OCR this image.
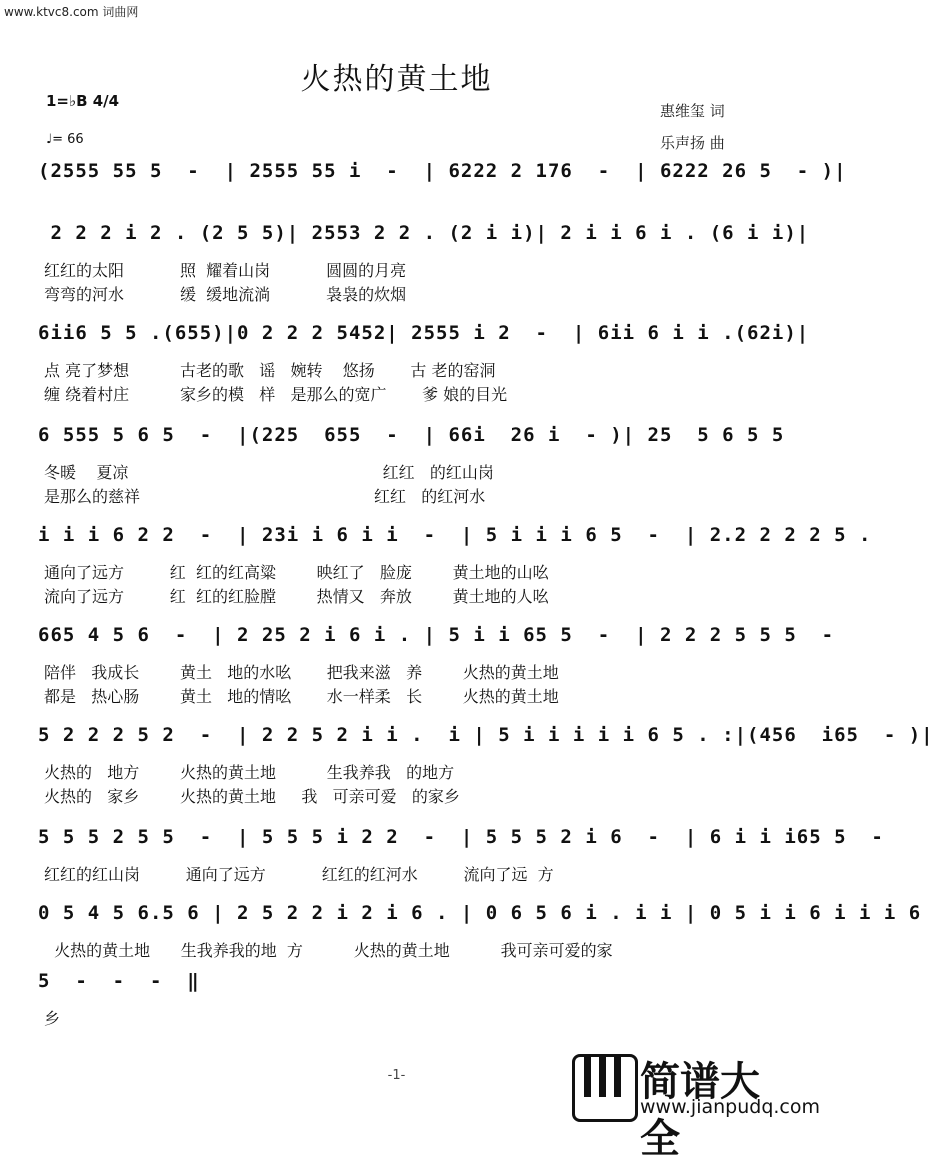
www.ktvc8.com 词曲网
火热的黄土地
1=♭B 4/4
♩= 66
惠维玺 词
乐声扬 曲
(2555 55 5  -  | 2555 55 i  -  | 6222 2 176  -  | 6222 26 5  - )|
2 2 2 i 2 . (2 5 5)| 2553 2 2 . (2 i i)| 2 i i 6 i . (6 i i)|
红红的太阳           照  耀着山岗           圆圆的月亮
弯弯的河水           缓  缓地流淌           袅袅的炊烟
6ii6 5 5 .(655)|0 2 2 2 5452| 2555 i 2  -  | 6ii 6 i i .(62i)|
点 亮了梦想          古老的歌   谣   婉转    悠扬       古 老的窑洞
缠 绕着村庄          家乡的模   样   是那么的宽广       爹 娘的目光
6 555 5 6 5  -  |(225  655  -  | 66i  26 i  - )| 25  5 6 5 5
冬暖    夏凉                                                  红红   的红山岗
是那么的慈祥                                              红红   的红河水
i i i 6 2 2  -  | 23i i 6 i i  -  | 5 i i i 6 5  -  | 2.2 2 2 2 5 .
通向了远方         红  红的红高粱        映红了   脸庞        黄土地的山吆
流向了远方         红  红的红脸膛        热情又   奔放        黄土地的人吆
665 4 5 6  -  | 2 25 2 i 6 i . | 5 i i 65 5  -  | 2 2 2 5 5 5  -
陪伴   我成长        黄土   地的水吆       把我来滋   养        火热的黄土地
都是   热心肠        黄土   地的情吆       水一样柔   长        火热的黄土地
5 2 2 2 5 2  -  | 2 2 5 2 i i .  i | 5 i i i i i 6 5 . :|(456  i65  - )|
火热的   地方        火热的黄土地          生我养我   的地方
火热的   家乡        火热的黄土地     我   可亲可爱   的家乡
5 5 5 2 5 5  -  | 5 5 5 i 2 2  -  | 5 5 5 2 i 6  -  | 6 i i i65 5  -
红红的红山岗         通向了远方           红红的红河水         流向了远  方
0 5 4 5 6.5 6 | 2 5 2 2 i 2 i 6 . | 0 6 5 6 i . i i | 0 5 i i 6 i i i 6
火热的黄土地      生我养我的地  方          火热的黄土地          我可亲可爱的家
5  -  -  -  ‖
乡
-1-	简谱大全
www.jianpudq.com
